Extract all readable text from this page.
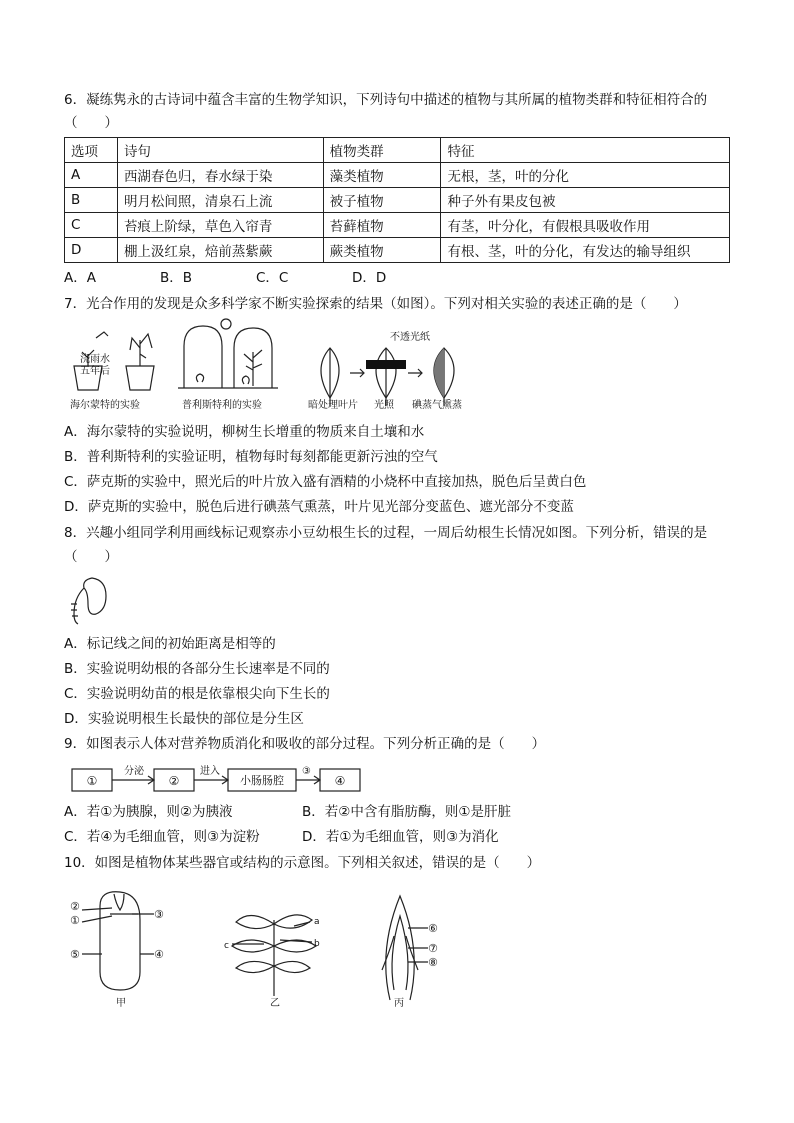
6．凝练隽永的古诗词中蕴含丰富的生物学知识，下列诗句中描述的植物与其所属的植物类群和特征相符合的
（　　）
选项	诗句	植物类群	特征
A	西湖春色归，春水绿于染	藻类植物	无根，茎，叶的分化
B	明月松间照，清泉石上流	被子植物	种子外有果皮包被
C	苔痕上阶绿，草色入帘青	苔藓植物	有茎，叶分化，有假根具吸收作用
D	棚上汲红泉，焙前蒸紫蕨	蕨类植物	有根、茎，叶的分化，有发达的输导组织
A．A	B．B	C．C	D．D
7．光合作用的发现是众多科学家不断实验探索的结果（如图）。下列对相关实验的表述正确的是（　　）
浇雨水
五年后
海尔蒙特的实验	普利斯特利的实验
不透光纸
暗处理叶片 光照 碘蒸气熏蒸
A．海尔蒙特的实验说明，柳树生长增重的物质来自土壤和水
B．普利斯特利的实验证明，植物每时每刻都能更新污浊的空气
C．萨克斯的实验中，照光后的叶片放入盛有酒精的小烧杯中直接加热，脱色后呈黄白色
D．萨克斯的实验中，脱色后进行碘蒸气熏蒸，叶片见光部分变蓝色、遮光部分不变蓝
8．兴趣小组同学利用画线标记观察赤小豆幼根生长的过程，一周后幼根生长情况如图。下列分析，错误的是
（　　）
A．标记线之间的初始距离是相等的
B．实验说明幼根的各部分生长速率是不同的
C．实验说明幼苗的根是依靠根尖向下生长的
D．实验说明根生长最快的部位是分生区
9．如图表示人体对营养物质消化和吸收的部分过程。下列分析正确的是（　　）
①
分泌
②
进入
小肠肠腔
③
④
A．若①为胰腺，则②为胰液	B．若②中含有脂肪酶，则①是肝脏
C．若④为毛细血管，则③为淀粉	D．若①为毛细血管，则③为消化
10．如图是植物体某些器官或结构的示意图。下列相关叙述，错误的是（　　）
②
①	③
⑤	④
a
b
c
⑥
⑦
⑧
甲	乙	丙
